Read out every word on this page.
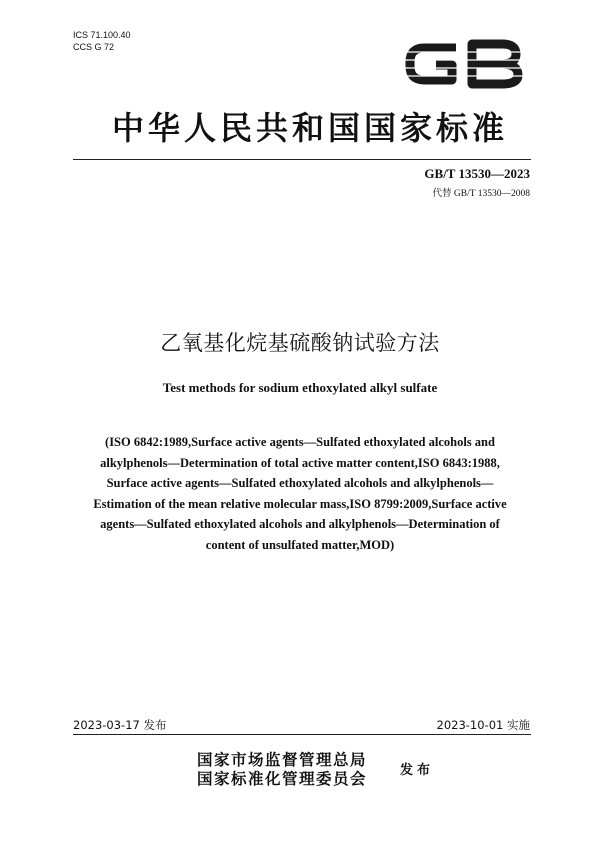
ICS 71.100.40
CCS G 72
中华人民共和国国家标准
GB/T 13530—2023
代替 GB/T 13530—2008
乙氧基化烷基硫酸钠试验方法
Test methods for sodium ethoxylated alkyl sulfate
(ISO 6842:1989,Surface active agents—Sulfated ethoxylated alcohols and
alkylphenols—Determination of total active matter content,ISO 6843:1988,
Surface active agents—Sulfated ethoxylated alcohols and alkylphenols—
Estimation of the mean relative molecular mass,ISO 8799:2009,Surface active
agents—Sulfated ethoxylated alcohols and alkylphenols—Determination of
content of unsulfated matter,MOD)
2023-03-17 发布	2023-10-01 实施
国家市场监督管理总局
国家标准化管理委员会	发布
